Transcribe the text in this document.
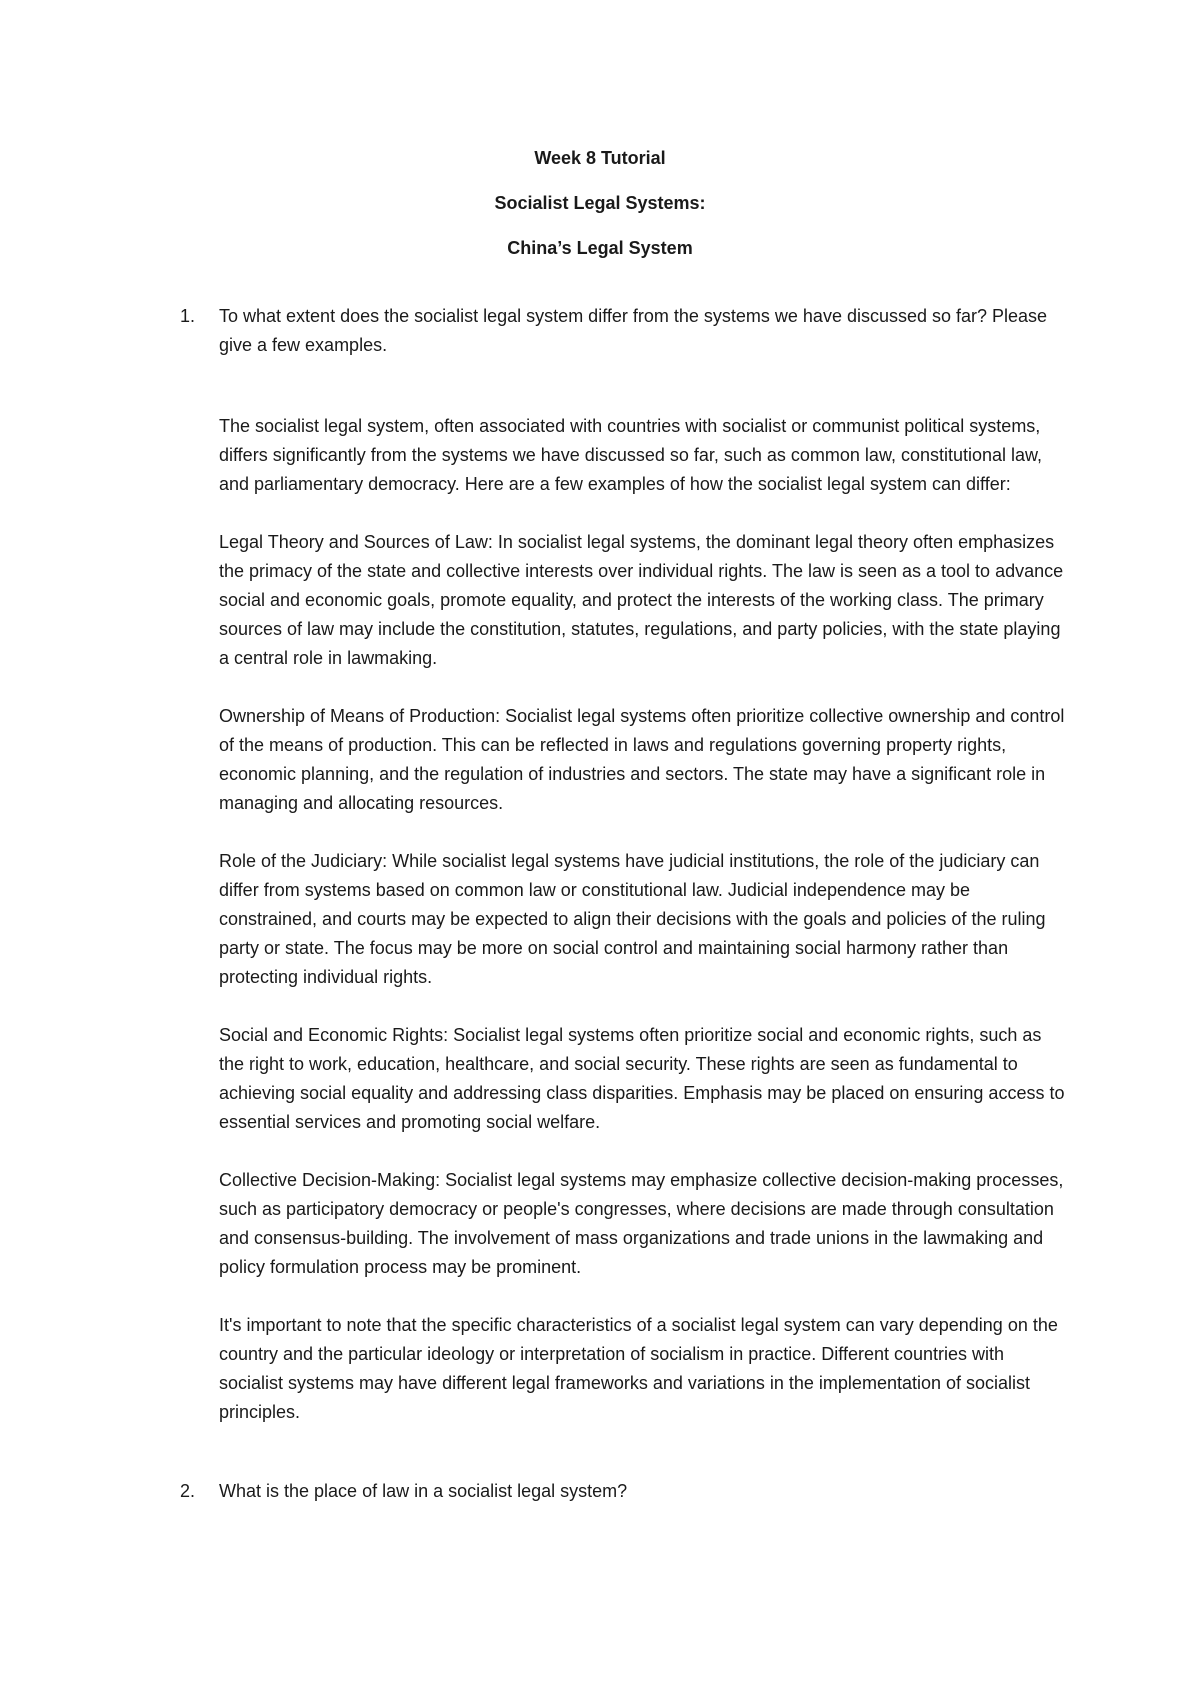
Week 8 Tutorial
Socialist Legal Systems:
China’s Legal System
1. To what extent does the socialist legal system differ from the systems we have discussed so far? Please give a few examples.

The socialist legal system, often associated with countries with socialist or communist political systems, differs significantly from the systems we have discussed so far, such as common law, constitutional law, and parliamentary democracy. Here are a few examples of how the socialist legal system can differ:

Legal Theory and Sources of Law: In socialist legal systems, the dominant legal theory often emphasizes the primacy of the state and collective interests over individual rights. The law is seen as a tool to advance social and economic goals, promote equality, and protect the interests of the working class. The primary sources of law may include the constitution, statutes, regulations, and party policies, with the state playing a central role in lawmaking.

Ownership of Means of Production: Socialist legal systems often prioritize collective ownership and control of the means of production. This can be reflected in laws and regulations governing property rights, economic planning, and the regulation of industries and sectors. The state may have a significant role in managing and allocating resources.

Role of the Judiciary: While socialist legal systems have judicial institutions, the role of the judiciary can differ from systems based on common law or constitutional law. Judicial independence may be constrained, and courts may be expected to align their decisions with the goals and policies of the ruling party or state. The focus may be more on social control and maintaining social harmony rather than protecting individual rights.

Social and Economic Rights: Socialist legal systems often prioritize social and economic rights, such as the right to work, education, healthcare, and social security. These rights are seen as fundamental to achieving social equality and addressing class disparities. Emphasis may be placed on ensuring access to essential services and promoting social welfare.

Collective Decision-Making: Socialist legal systems may emphasize collective decision-making processes, such as participatory democracy or people's congresses, where decisions are made through consultation and consensus-building. The involvement of mass organizations and trade unions in the lawmaking and policy formulation process may be prominent.

It's important to note that the specific characteristics of a socialist legal system can vary depending on the country and the particular ideology or interpretation of socialism in practice. Different countries with socialist systems may have different legal frameworks and variations in the implementation of socialist principles.

2. What is the place of law in a socialist legal system?
